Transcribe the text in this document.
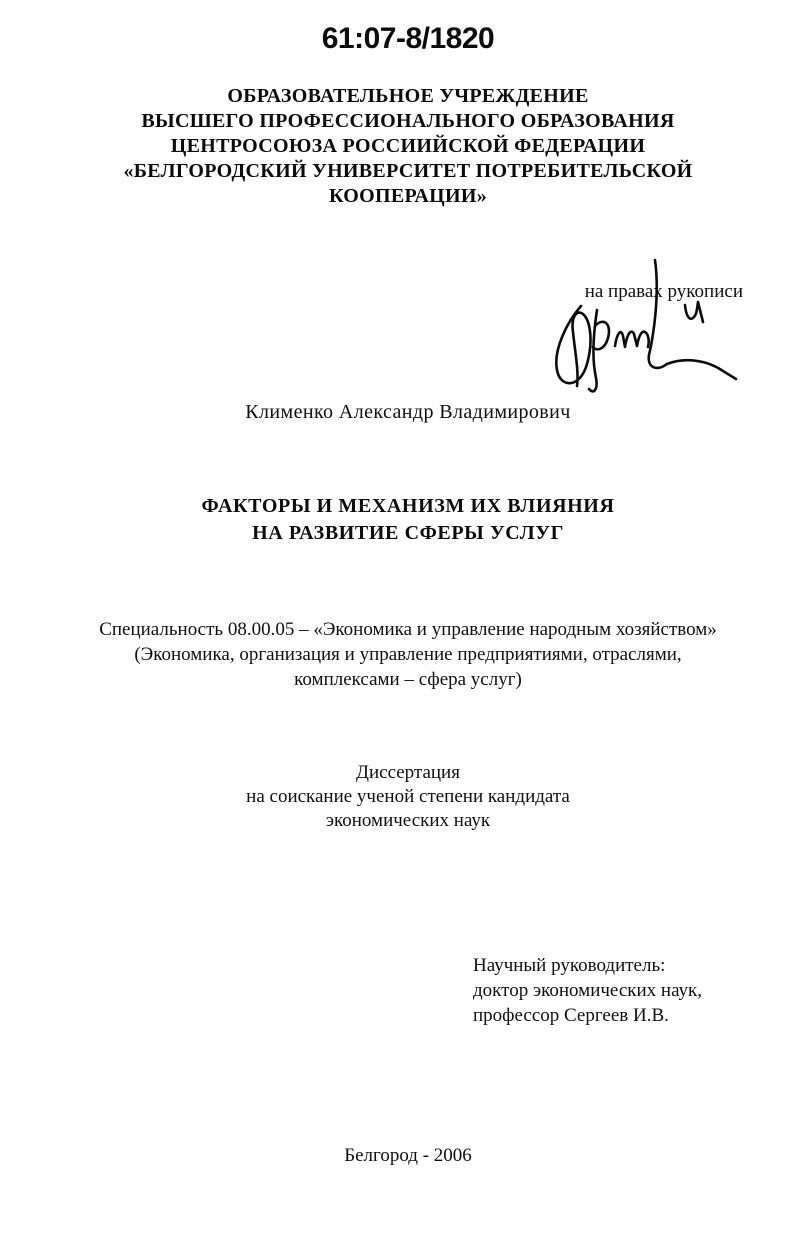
61:07-8/1820
ОБРАЗОВАТЕЛЬНОЕ УЧРЕЖДЕНИЕ
ВЫСШЕГО ПРОФЕССИОНАЛЬНОГО ОБРАЗОВАНИЯ
ЦЕНТРОСОЮЗА РОССИИЙСКОЙ ФЕДЕРАЦИИ
«БЕЛГОРОДСКИЙ УНИВЕРСИТЕТ ПОТРЕБИТЕЛЬСКОЙ
КООПЕРАЦИИ»
на правах рукописи
Клименко Александр Владимирович
ФАКТОРЫ И МЕХАНИЗМ ИХ ВЛИЯНИЯ
НА РАЗВИТИЕ СФЕРЫ УСЛУГ
Специальность 08.00.05 – «Экономика и управление народным хозяйством»
(Экономика, организация и управление предприятиями, отраслями,
комплексами – сфера услуг)
Диссертация
на соискание ученой степени кандидата
экономических наук
Научный руководитель:
доктор экономических наук,
профессор Сергеев И.В.
Белгород - 2006
